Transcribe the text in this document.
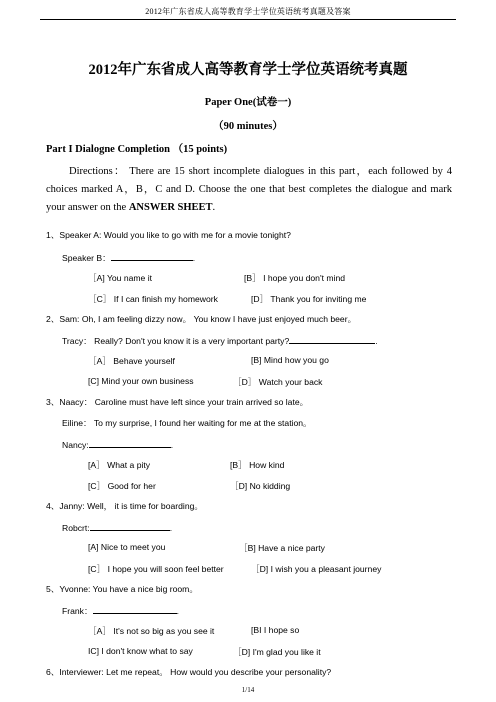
2012年广东省成人高等教育学士学位英语统考真题及答案
2012年广东省成人高等教育学士学位英语统考真题
Paper One(试卷一)
（90 minutes）
Part I Dialogne Completion （15 points)
Directions： There are 15 short incomplete dialogues in this part，each followed by 4 choices marked A，B，C and D. Choose the one that best completes the dialogue and mark your answer on the ANSWER SHEET.
1、Speaker A: Would you like to go with me for a movie tonight?
Speaker B：	.
［A] You name it	[B］ I hope you don't mind
［C］ If I can finish my homework	[D］ Thank you for inviting me
2、Sam: Oh, I am feeling dizzy now。 You know I have just enjoyed much beer。
Tracy： Really? Don't you know it is a very important party?	.
［A］ Behave yourself	[B] Mind how you go
[C] Mind your own business	［D］ Watch your back
3、Naacy： Caroline must have left since your train arrived so late。
Eiline： To my surprise, I found her waiting for me at the station。
Nancy:	.
[A］ What a pity	[B］ How kind
[C］ Good for her	［D] No kidding
4、Janny: Well， it is time for boarding。
Robcrt:	.
[A] Nice to meet you	［B] Have a nice party
[C］ I hope you will soon feel better	［D] I wish you a pleasant journey
5、Yvonne: You have a nice big room。
Frank：	.
［A］ It's not so big as you see it	[BI I hope so
IC] I don't know what to say	［D] I'm glad you like it
6、Interviewer: Let me repeat。 How would you describe your personality?
1/14
